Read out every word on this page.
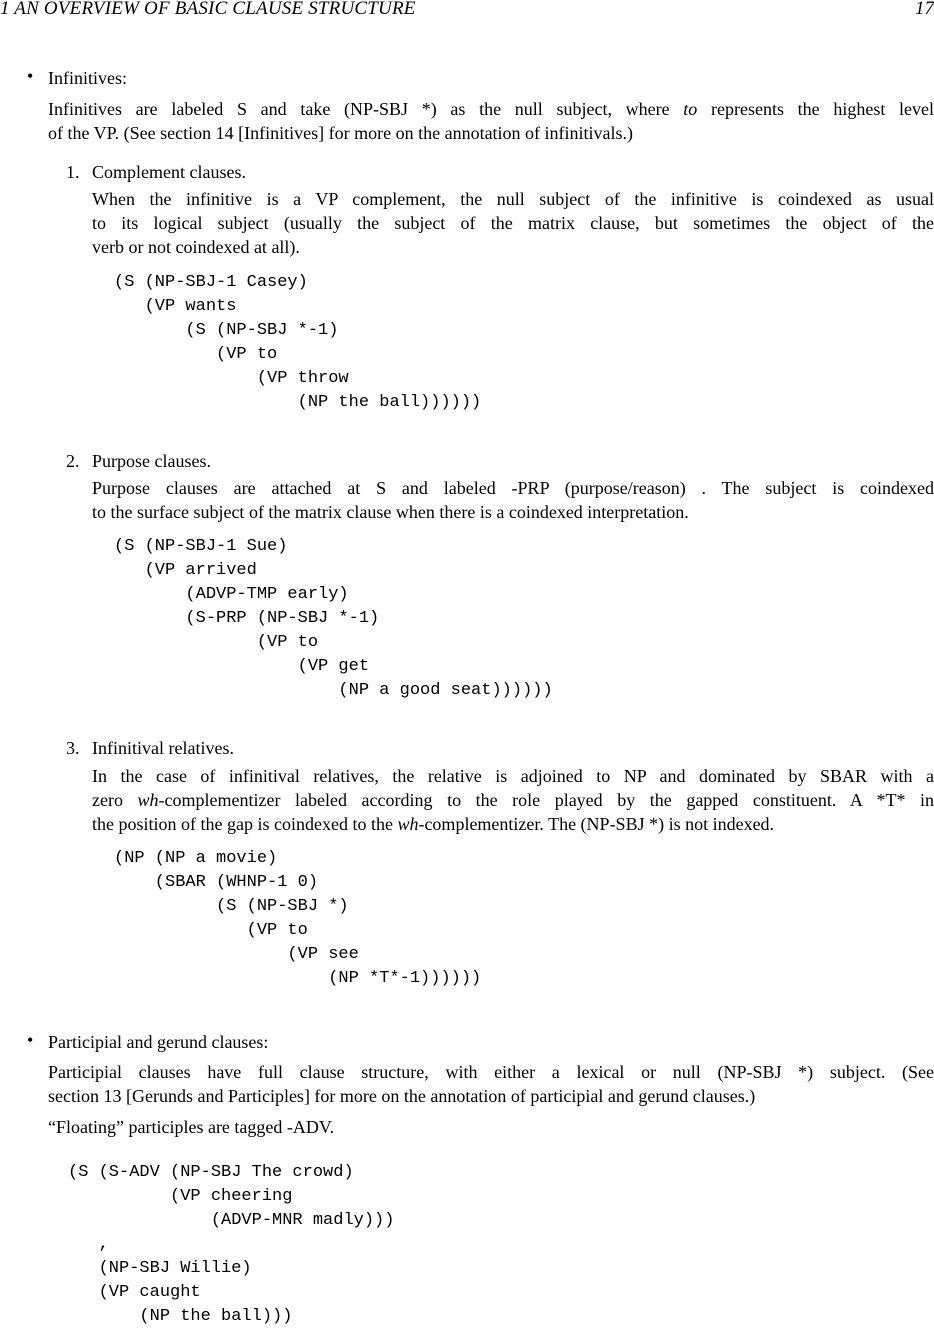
1 AN OVERVIEW OF BASIC CLAUSE STRUCTURE	17
• Infinitives:
Infinitives are labeled S and take (NP-SBJ *) as the null subject, where to represents the highest level
of the VP. (See section 14 [Infinitives] for more on the annotation of infinitivals.)
1. Complement clauses.
When the infinitive is a VP complement, the null subject of the infinitive is coindexed as usual
to its logical subject (usually the subject of the matrix clause, but sometimes the object of the
verb or not coindexed at all).
(S (NP-SBJ-1 Casey)
(VP wants
(S (NP-SBJ *-1)
(VP to
(VP throw
(NP the ball))))))
2. Purpose clauses.
Purpose clauses are attached at S and labeled -PRP (purpose/reason) . The subject is coindexed
to the surface subject of the matrix clause when there is a coindexed interpretation.
(S (NP-SBJ-1 Sue)
(VP arrived
(ADVP-TMP early)
(S-PRP (NP-SBJ *-1)
(VP to
(VP get
(NP a good seat))))))
3. Infinitival relatives.
In the case of infinitival relatives, the relative is adjoined to NP and dominated by SBAR with a
zero wh-complementizer labeled according to the role played by the gapped constituent. A *T* in
the position of the gap is coindexed to the wh-complementizer. The (NP-SBJ *) is not indexed.
(NP (NP a movie)
(SBAR (WHNP-1 0)
(S (NP-SBJ *)
(VP to
(VP see
(NP *T*-1))))))
• Participial and gerund clauses:
Participial clauses have full clause structure, with either a lexical or null (NP-SBJ *) subject. (See
section 13 [Gerunds and Participles] for more on the annotation of participial and gerund clauses.)
“Floating” participles are tagged -ADV.
(S (S-ADV (NP-SBJ The crowd)
(VP cheering
(ADVP-MNR madly)))
,
(NP-SBJ Willie)
(VP caught
(NP the ball)))
